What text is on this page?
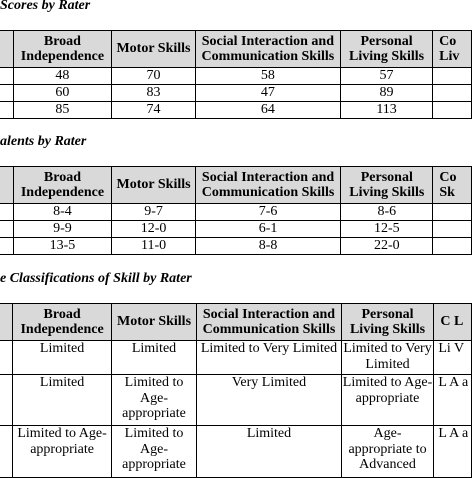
Scores by Rater
	Broad Independence	Motor Skills	Social Interaction and Communication Skills	Personal Living Skills	Co Liv
	48	70	58	57	
	60	83	47	89	
	85	74	64	113	
alents by Rater
	Broad Independence	Motor Skills	Social Interaction and Communication Skills	Personal Living Skills	Co Sk
	8-4	9-7	7-6	8-6	
	9-9	12-0	6-1	12-5	
	13-5	11-0	8-8	22-0	
e Classifications of Skill by Rater
	Broad Independence	Motor Skills	Social Interaction and Communication Skills	Personal Living Skills	C L
	Limited	Limited	Limited to Very Limited	Limited to Very Limited	Li V
	Limited	Limited to Age- appropriate	Very Limited	Limited to Age- appropriate	L A a
	Limited to Age- appropriate	Limited to Age- appropriate	Limited	Age- appropriate to Advanced	L A a
